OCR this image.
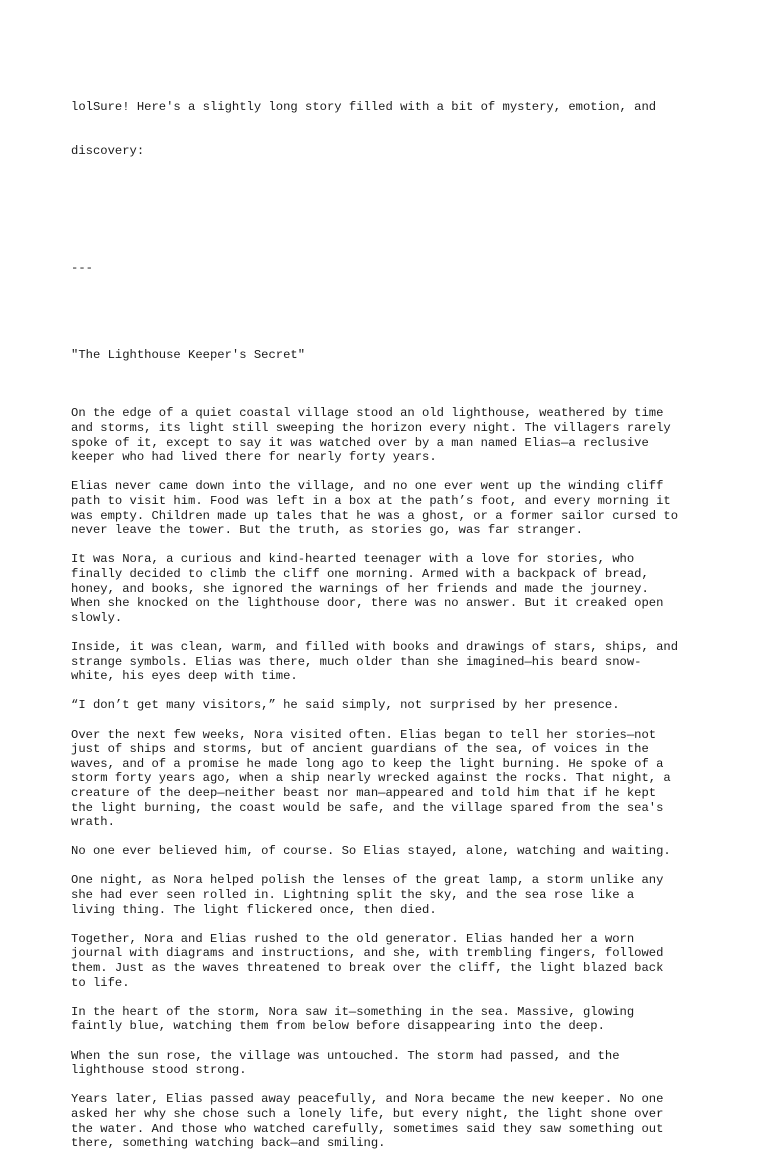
lolSure! Here's a slightly long story filled with a bit of mystery, emotion, and

discovery:

---

"The Lighthouse Keeper's Secret"

On the edge of a quiet coastal village stood an old lighthouse, weathered by time
and storms, its light still sweeping the horizon every night. The villagers rarely
spoke of it, except to say it was watched over by a man named Elias—a reclusive
keeper who had lived there for nearly forty years.
Elias never came down into the village, and no one ever went up the winding cliff
path to visit him. Food was left in a box at the path’s foot, and every morning it
was empty. Children made up tales that he was a ghost, or a former sailor cursed to
never leave the tower. But the truth, as stories go, was far stranger.
It was Nora, a curious and kind-hearted teenager with a love for stories, who
finally decided to climb the cliff one morning. Armed with a backpack of bread,
honey, and books, she ignored the warnings of her friends and made the journey.
When she knocked on the lighthouse door, there was no answer. But it creaked open
slowly.
Inside, it was clean, warm, and filled with books and drawings of stars, ships, and
strange symbols. Elias was there, much older than she imagined—his beard snow-
white, his eyes deep with time.
“I don’t get many visitors,” he said simply, not surprised by her presence.
Over the next few weeks, Nora visited often. Elias began to tell her stories—not
just of ships and storms, but of ancient guardians of the sea, of voices in the
waves, and of a promise he made long ago to keep the light burning. He spoke of a
storm forty years ago, when a ship nearly wrecked against the rocks. That night, a
creature of the deep—neither beast nor man—appeared and told him that if he kept
the light burning, the coast would be safe, and the village spared from the sea's
wrath.
No one ever believed him, of course. So Elias stayed, alone, watching and waiting.
One night, as Nora helped polish the lenses of the great lamp, a storm unlike any
she had ever seen rolled in. Lightning split the sky, and the sea rose like a
living thing. The light flickered once, then died.
Together, Nora and Elias rushed to the old generator. Elias handed her a worn
journal with diagrams and instructions, and she, with trembling fingers, followed
them. Just as the waves threatened to break over the cliff, the light blazed back
to life.
In the heart of the storm, Nora saw it—something in the sea. Massive, glowing
faintly blue, watching them from below before disappearing into the deep.
When the sun rose, the village was untouched. The storm had passed, and the
lighthouse stood strong.
Years later, Elias passed away peacefully, and Nora became the new keeper. No one
asked her why she chose such a lonely life, but every night, the light shone over
the water. And those who watched carefully, sometimes said they saw something out
there, something watching back—and smiling.
